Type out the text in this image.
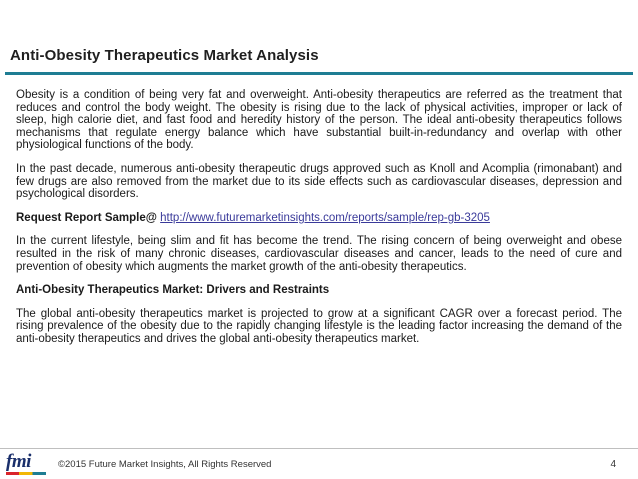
Anti-Obesity Therapeutics Market Analysis

Obesity is a condition of being very fat and overweight. Anti-obesity therapeutics are referred as the treatment that reduces and control the body weight. The obesity is rising due to the lack of physical activities, improper or lack of sleep, high calorie diet, and fast food and heredity history of the person. The ideal anti-obesity therapeutics follows mechanisms that regulate energy balance which have substantial built-in-redundancy and overlap with other physiological functions of the body.

In the past decade, numerous anti-obesity therapeutic drugs approved such as Knoll and Acomplia (rimonabant) and few drugs are also removed from the market due to its side effects such as cardiovascular diseases, depression and psychological disorders.

Request Report Sample@ http://www.futuremarketinsights.com/reports/sample/rep-gb-3205

In the current lifestyle, being slim and fit has become the trend. The rising concern of being overweight and obese resulted in the risk of many chronic diseases, cardiovascular diseases and cancer, leads to the need of cure and prevention of obesity which augments the market growth of the anti-obesity therapeutics.

Anti-Obesity Therapeutics Market: Drivers and Restraints

The global anti-obesity therapeutics market is projected to grow at a significant CAGR over a forecast period. The rising prevalence of the obesity due to the rapidly changing lifestyle is the leading factor increasing the demand of the anti-obesity therapeutics and drives the global anti-obesity therapeutics market.

fmi	©2015 Future Market Insights, All Rights Reserved	4
